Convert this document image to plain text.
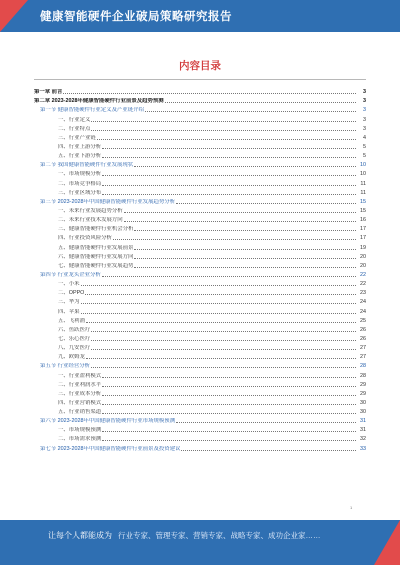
健康智能硬件企业破局策略研究报告
内容目录
第一章 前言	3
第二章 2023-2028年健康智能硬件行业前景及趋势预测	3
第一节 健康智能硬件行业定义及产业链介绍	3
一、行业定义	3
二、行业特点	3
三、行业产业链	4
四、行业上游分析	5
五、行业下游分析	5
第二节 我国健康智能硬件行业发展现状	10
一、市场规模分析	10
二、市场竞争格局	11
三、行业区域分布	11
第三节 2023-2028年中国健康智能硬件行业发展趋势分析	15
一、未来行业发展趋势分析	15
二、未来行业技术发展方向	16
三、健康智能硬件行业机会分析	17
四、行业投资风险分析	17
五、健康智能硬件行业发展前景	19
六、健康智能硬件行业发展方向	20
七、健康智能硬件行业发展趋势	20
第四节 行业龙头企业分析	22
一、小米	22
二、OPPO	23
三、华为	24
四、苹果	24
五、飞利浦	25
六、鱼跃医疗	26
七、乐心医疗	26
八、九安医疗	27
九、欧姆龙	27
第五节 行业经营分析	28
一、行业盈利模式	28
二、行业利润水平	29
三、行业成本分析	29
四、行业营销模式	30
五、行业销售渠道	30
第六节 2023-2028年中国健康智能硬件行业市场规模预测	31
一、市场规模预测	31
二、市场需求预测	32
第七节 2023-2028年中国健康智能硬件行业前景及投资建议	33
1
让每个人都能成为 行业专家、管理专家、营销专家、战略专家、成功企业家……
